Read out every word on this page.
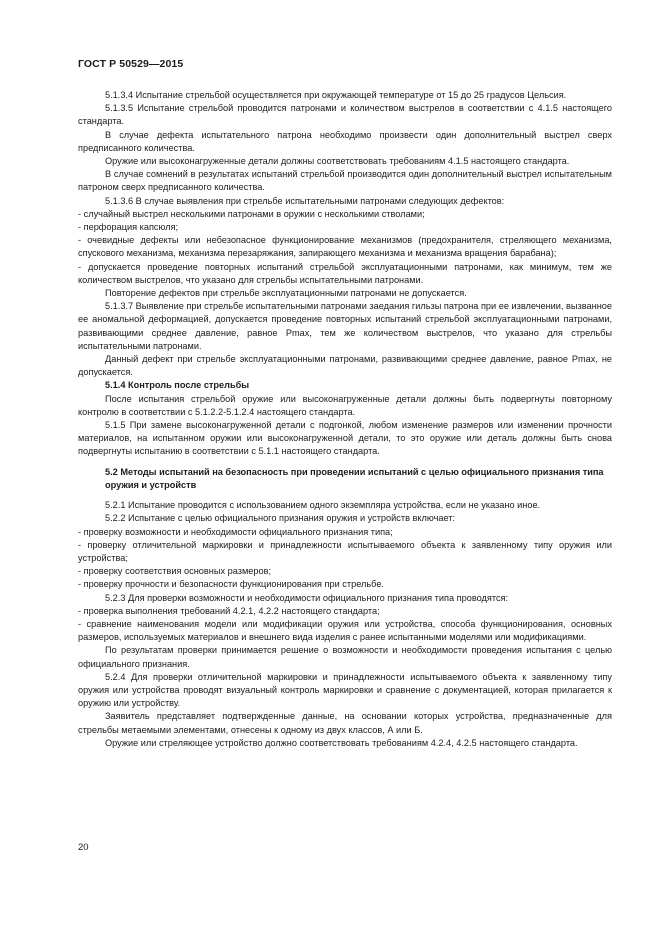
ГОСТ Р 50529—2015

5.1.3.4 Испытание стрельбой осуществляется при окружающей температуре от 15 до 25 градусов Цельсия.

5.1.3.5 Испытание стрельбой проводится патронами и количеством выстрелов в соответствии с 4.1.5 настоящего стандарта.

В случае дефекта испытательного патрона необходимо произвести один дополнительный выстрел сверх предписанного количества.

Оружие или высоконагруженные детали должны соответствовать требованиям 4.1.5 настоящего стандарта.

В случае сомнений в результатах испытаний стрельбой производится один дополнительный выстрел испытательным патроном сверх предписанного количества.

5.1.3.6 В случае выявления при стрельбе испытательными патронами следующих дефектов:

- случайный выстрел несколькими патронами в оружии с несколькими стволами;

- перфорация капсюля;

- очевидные дефекты или небезопасное функционирование механизмов (предохранителя, стреляющего механизма, спускового механизма, механизма перезаряжания, запирающего механизма и механизма вращения барабана);

- допускается проведение повторных испытаний стрельбой эксплуатационными патронами, как минимум, тем же количеством выстрелов, что указано для стрельбы испытательными патронами.

Повторение дефектов при стрельбе эксплуатационными патронами не допускается.

5.1.3.7 Выявление при стрельбе испытательными патронами заедания гильзы патрона при ее извлечении, вызванное ее аномальной деформацией, допускается проведение повторных испытаний стрельбой эксплуатационными патронами, развивающими среднее давление, равное Pmax, тем же количеством выстрелов, что указано для стрельбы испытательными патронами.

Данный дефект при стрельбе эксплуатационными патронами, развивающими среднее давление, равное Pmax, не допускается.

5.1.4 Контроль после стрельбы

После испытания стрельбой оружие или высоконагруженные детали должны быть подвергнуты повторному контролю в соответствии с 5.1.2.2-5.1.2.4 настоящего стандарта.

5.1.5 При замене высоконагруженной детали с подгонкой, любом изменение размеров или изменении прочности материалов, на испытанном оружии или высоконагруженной детали, то это оружие или деталь должны быть снова подвергнуты испытанию в соответствии с 5.1.1 настоящего стандарта.

5.2 Методы испытаний на безопасность при проведении испытаний с целью официального признания типа оружия и устройств

5.2.1 Испытание проводится с использованием одного экземпляра устройства, если не указано иное.

5.2.2 Испытание с целью официального признания оружия и устройств включает:

- проверку возможности и необходимости официального признания типа;

- проверку отличительной маркировки и принадлежности испытываемого объекта к заявленному типу оружия или устройства;

- проверку соответствия основных размеров;

- проверку прочности и безопасности функционирования при стрельбе.

5.2.3 Для проверки возможности и необходимости официального признания типа проводятся:

- проверка выполнения требований 4.2.1, 4.2.2 настоящего стандарта;

- сравнение наименования модели или модификации оружия или устройства, способа функционирования, основных размеров, используемых материалов и внешнего вида изделия с ранее испытанными моделями или модификациями.

По результатам проверки принимается решение о возможности и необходимости проведения испытания с целью официального признания.

5.2.4 Для проверки отличительной маркировки и принадлежности испытываемого объекта к заявленному типу оружия или устройства проводят визуальный контроль маркировки и сравнение с документацией, которая прилагается к оружию или устройству.

Заявитель представляет подтвержденные данные, на основании которых устройства, предназначенные для стрельбы метаемыми элементами, отнесены к одному из двух классов, А или Б.

Оружие или стреляющее устройство должно соответствовать требованиям 4.2.4, 4.2.5 настоящего стандарта.

20
